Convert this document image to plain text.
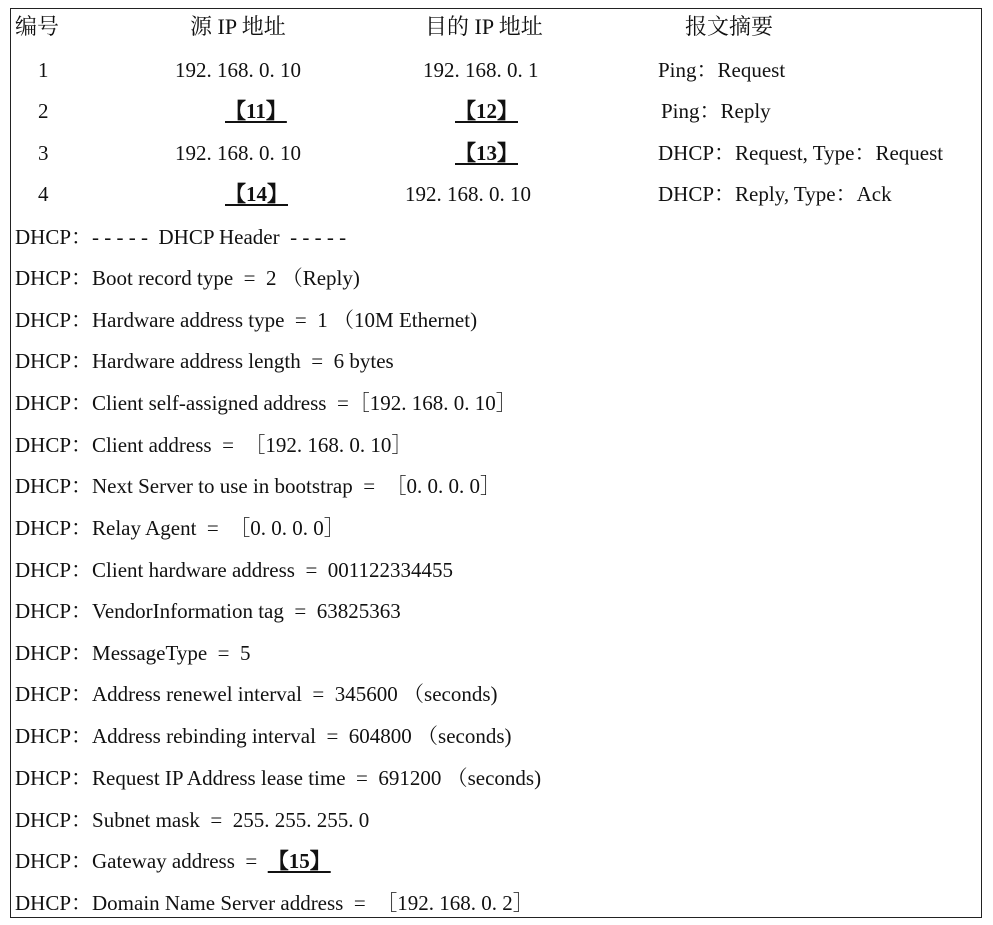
编号	源 IP 地址	目的 IP 地址	报文摘要
1	192. 168. 0. 10	192. 168. 0. 1	Ping：Request
2	【11】	【12】	Ping：Reply
3	192. 168. 0. 10	【13】	DHCP：Request, Type：Request
4	【14】	192. 168. 0. 10	DHCP：Reply, Type：Ack
DHCP：- - - - -  DHCP Header  - - - - -
DHCP：Boot record type  =  2 （Reply)
DHCP：Hardware address type  =  1 （10M Ethernet)
DHCP：Hardware address length  =  6 bytes
DHCP：Client self-assigned address  =［192. 168. 0. 10］
DHCP：Client address  =  ［192. 168. 0. 10］
DHCP：Next Server to use in bootstrap  =  ［0. 0. 0. 0］
DHCP：Relay Agent  =  ［0. 0. 0. 0］
DHCP：Client hardware address  =  001122334455
DHCP：VendorInformation tag  =  63825363
DHCP：MessageType  =  5
DHCP：Address renewel interval  =  345600 （seconds)
DHCP：Address rebinding interval  =  604800 （seconds)
DHCP：Request IP Address lease time  =  691200 （seconds)
DHCP：Subnet mask  =  255. 255. 255. 0
DHCP：Gateway address  =  【15】
DHCP：Domain Name Server address  =  ［192. 168. 0. 2］
